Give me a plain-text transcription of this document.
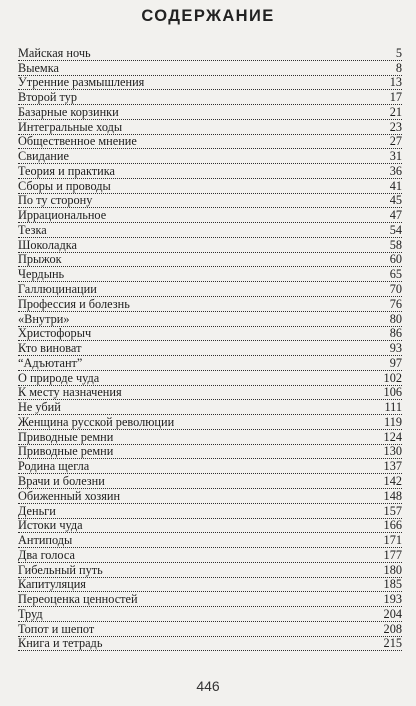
СОДЕРЖАНИЕ
Майская ночь	5
Выемка	8
Утренние размышления	13
Второй тур	17
Базарные корзинки	21
Интегральные ходы	23
Общественное мнение	27
Свидание	31
Теория и практика	36
Сборы и проводы	41
По ту сторону	45
Иррациональное	47
Тезка	54
Шоколадка	58
Прыжок	60
Чердынь	65
Галлюцинации	70
Профессия и болезнь	76
«Внутри»	80
Христофорыч	86
Кто виноват	93
“Адъютант”	97
О природе чуда	102
К месту назначения	106
Не убий	111
Женщина русской революции	119
Приводные ремни	124
Приводные ремни	130
Родина щегла	137
Врачи и болезни	142
Обиженный хозяин	148
Деньги	157
Истоки чуда	166
Антиподы	171
Два голоса	177
Гибельный путь	180
Капитуляция	185
Переоценка ценностей	193
Труд	204
Топот и шепот	208
Книга и тетрадь	215
446
